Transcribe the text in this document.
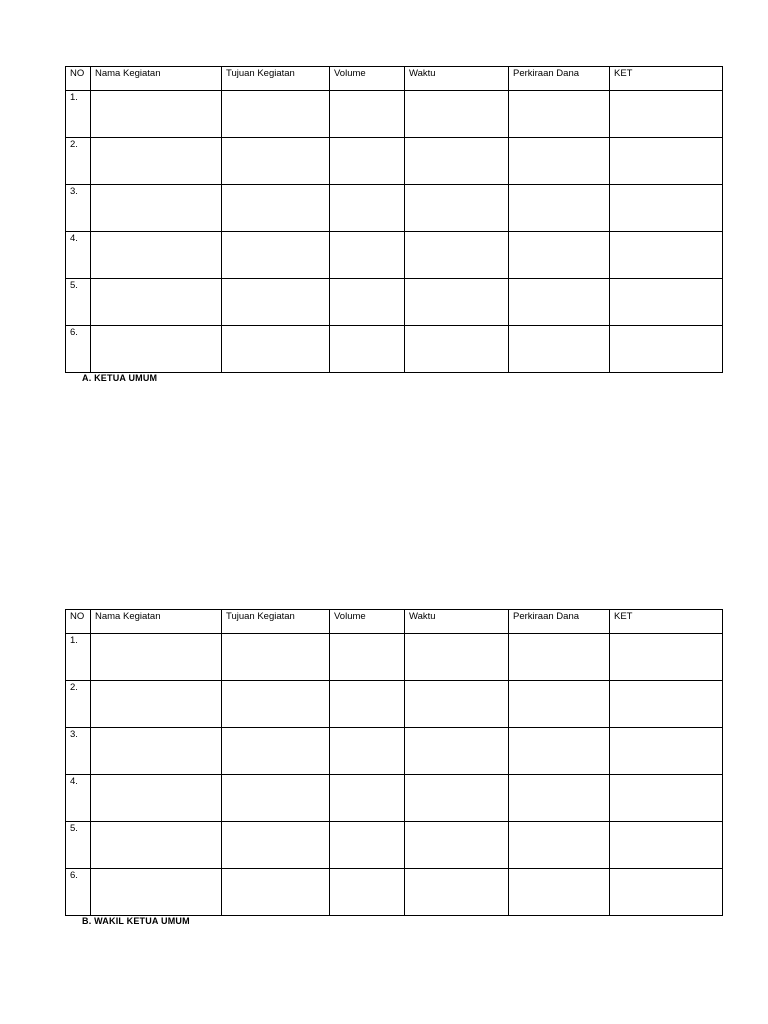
NO	Nama Kegiatan	Tujuan Kegiatan	Volume	Waktu	Perkiraan Dana	KET
1.						
2.						
3.						
4.						
5.						
6.						
A. KETUA UMUM
NO	Nama Kegiatan	Tujuan Kegiatan	Volume	Waktu	Perkiraan Dana	KET
1.						
2.						
3.						
4.						
5.						
6.						
B. WAKIL KETUA UMUM
